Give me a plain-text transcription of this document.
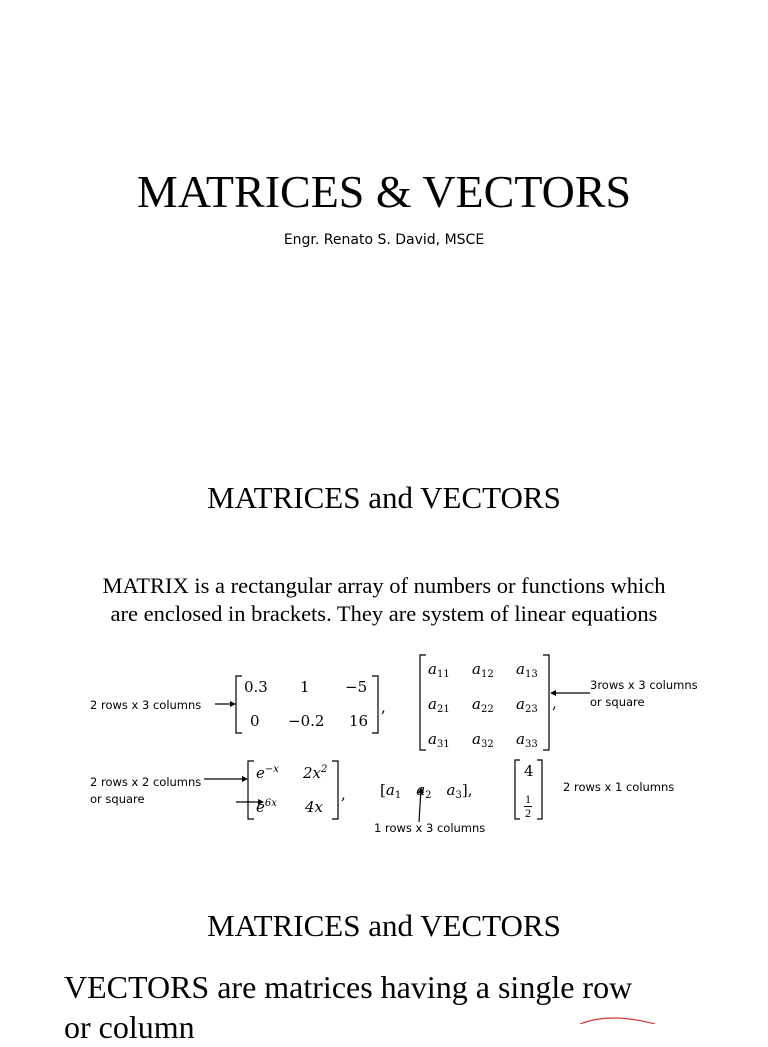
MATRICES & VECTORS
Engr. Renato S. David, MSCE
MATRICES and VECTORS
MATRIX is a rectangular array of numbers or functions which
are enclosed in brackets. They are system of linear equations
0.3 1 −5
0 −0.2 16
,
$a_{11}$ $a_{12}$ $a_{13}$
$a_{21}$ $a_{22}$ $a_{23}$
$a_{31}$ $a_{32}$ $a_{33}$
,
$e^{-x}$ $2x^2$
$e^{6x}$ 4x
, [$a_1$  $a_2$  $a_3$],
4
$\frac{1}{2}$
2 rows x 3 columns
3rows x 3 columns
or square
2 rows x 2 columns
or square
1 rows x 3 columns
2 rows x 1 columns
MATRICES and VECTORS
VECTORS are matrices having a single row
or column
